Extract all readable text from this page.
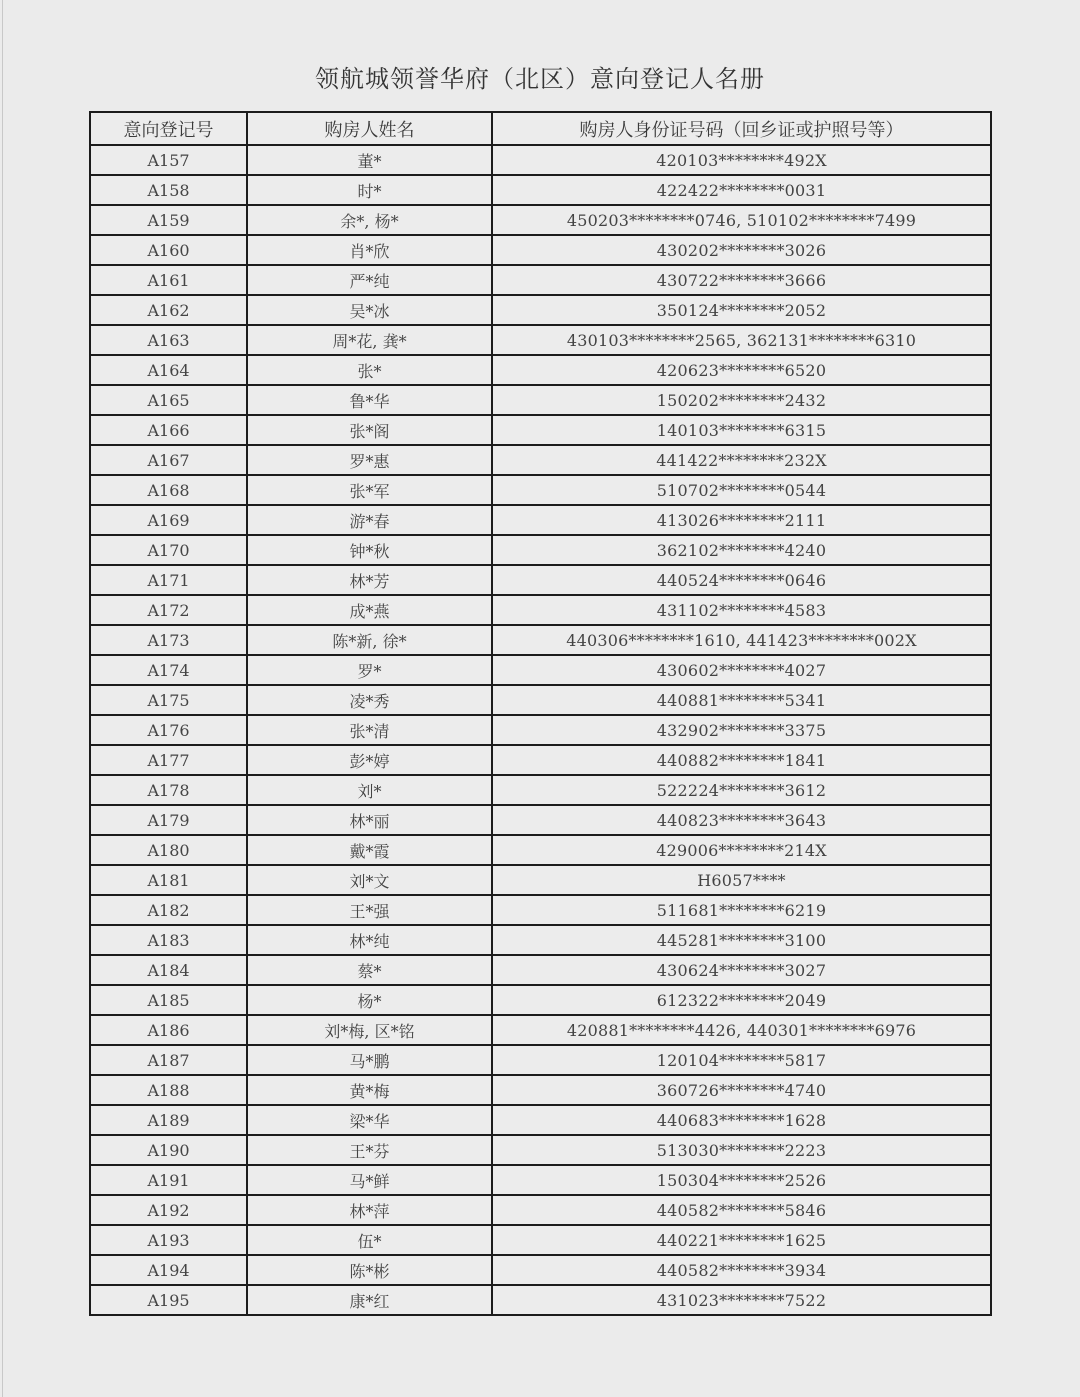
领航城领誉华府（北区）意向登记人名册
意向登记号	购房人姓名	购房人身份证号码（回乡证或护照号等）
A157	董*	420103********492X
A158	时*	422422********0031
A159	余*, 杨*	450203********0746, 510102********7499
A160	肖*欣	430202********3026
A161	严*纯	430722********3666
A162	吴*冰	350124********2052
A163	周*花, 龚*	430103********2565, 362131********6310
A164	张*	420623********6520
A165	鲁*华	150202********2432
A166	张*阁	140103********6315
A167	罗*惠	441422********232X
A168	张*军	510702********0544
A169	游*春	413026********2111
A170	钟*秋	362102********4240
A171	林*芳	440524********0646
A172	成*燕	431102********4583
A173	陈*新, 徐*	440306********1610, 441423********002X
A174	罗*	430602********4027
A175	凌*秀	440881********5341
A176	张*清	432902********3375
A177	彭*婷	440882********1841
A178	刘*	522224********3612
A179	林*丽	440823********3643
A180	戴*霞	429006********214X
A181	刘*文	H6057****
A182	王*强	511681********6219
A183	林*纯	445281********3100
A184	蔡*	430624********3027
A185	杨*	612322********2049
A186	刘*梅, 区*铭	420881********4426, 440301********6976
A187	马*鹏	120104********5817
A188	黄*梅	360726********4740
A189	梁*华	440683********1628
A190	王*芬	513030********2223
A191	马*鲜	150304********2526
A192	林*萍	440582********5846
A193	伍*	440221********1625
A194	陈*彬	440582********3934
A195	康*红	431023********7522
